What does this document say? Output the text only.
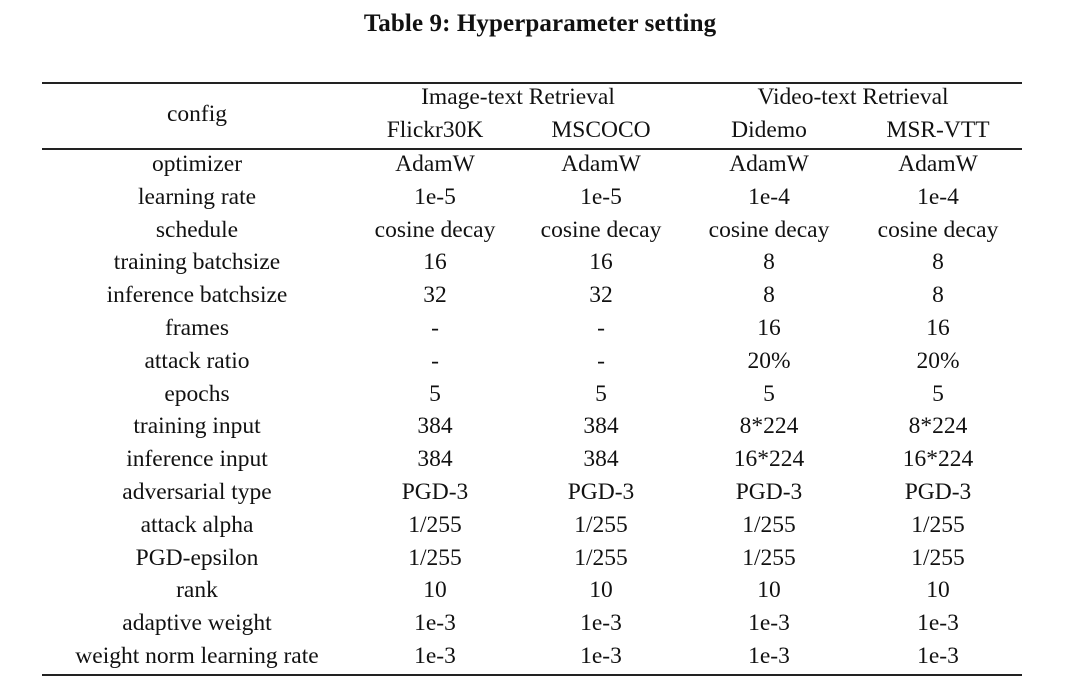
Table 9: Hyperparameter setting
config
Image-text Retrieval	Video-text Retrieval
Flickr30K	MSCOCO	Didemo	MSR-VTT
optimizer	AdamW	AdamW	AdamW	AdamW
learning rate	1e-5	1e-5	1e-4	1e-4
schedule	cosine decay	cosine decay	cosine decay	cosine decay
training batchsize	16	16	8	8
inference batchsize	32	32	8	8
frames	-	-	16	16
attack ratio	-	-	20%	20%
epochs	5	5	5	5
training input	384	384	8*224	8*224
inference input	384	384	16*224	16*224
adversarial type	PGD-3	PGD-3	PGD-3	PGD-3
attack alpha	1/255	1/255	1/255	1/255
PGD-epsilon	1/255	1/255	1/255	1/255
rank	10	10	10	10
adaptive weight	1e-3	1e-3	1e-3	1e-3
weight norm learning rate	1e-3	1e-3	1e-3	1e-3
